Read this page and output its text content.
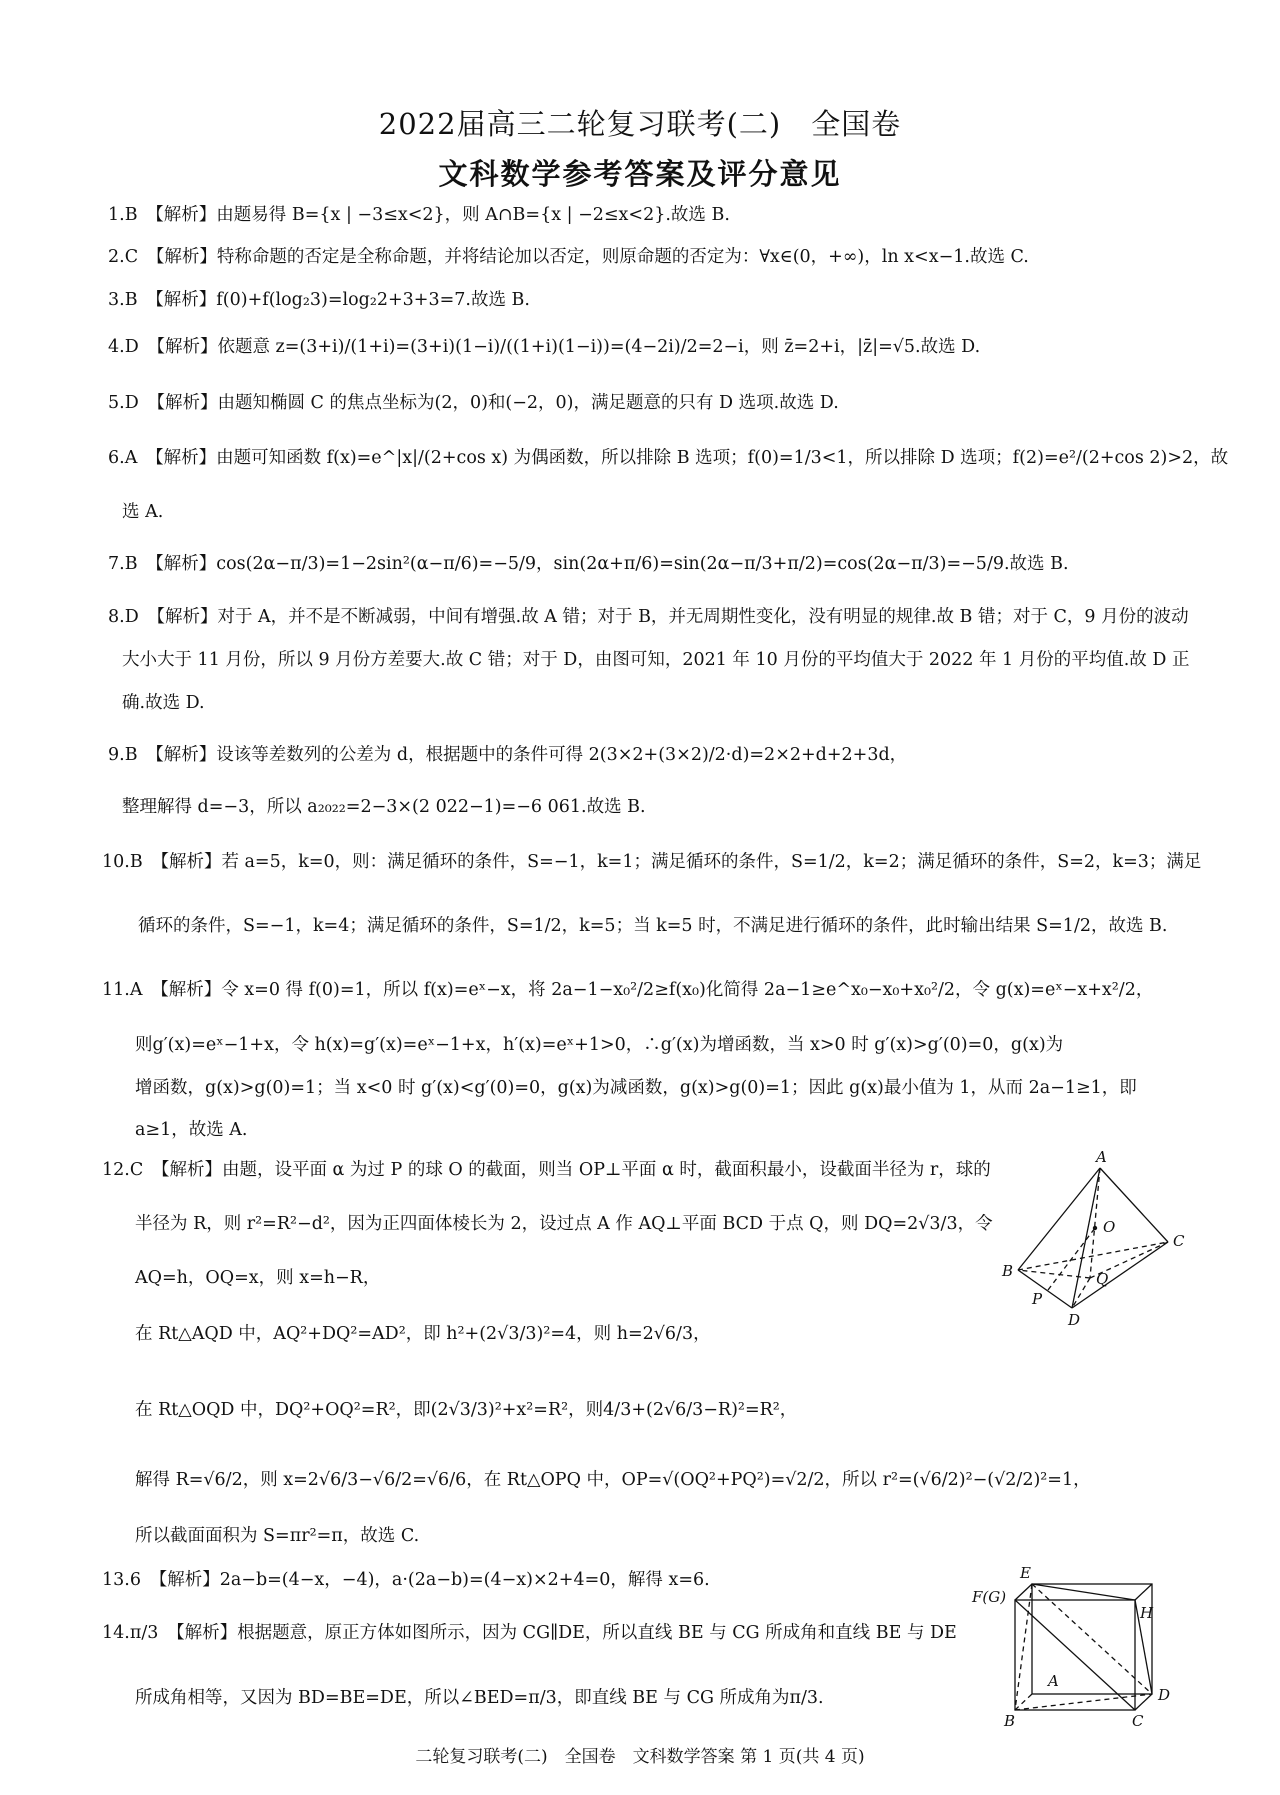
2022届高三二轮复习联考(二)　全国卷
文科数学参考答案及评分意见
1.B　【解析】由题易得 B={x | −3≤x<2}，则 A∩B={x | −2≤x<2}.故选 B.
2.C　【解析】特称命题的否定是全称命题，并将结论加以否定，则原命题的否定为：∀x∈(0，+∞)，ln x<x−1.故选 C.
3.B　【解析】f(0)+f(log₂3)=log₂2+3+3=7.故选 B.
4.D　【解析】依题意 z=(3+i)/(1+i)=(3+i)(1−i)/((1+i)(1−i))=(4−2i)/2=2−i，则 z̄=2+i，|z̄|=√5.故选 D.
5.D　【解析】由题知椭圆 C 的焦点坐标为(2，0)和(−2，0)，满足题意的只有 D 选项.故选 D.
6.A　【解析】由题可知函数 f(x)=e^|x|/(2+cos x) 为偶函数，所以排除 B 选项；f(0)=1/3<1，所以排除 D 选项；f(2)=e²/(2+cos 2)>2，故
选 A.
7.B　【解析】cos(2α−π/3)=1−2sin²(α−π/6)=−5/9，sin(2α+π/6)=sin(2α−π/3+π/2)=cos(2α−π/3)=−5/9.故选 B.
8.D　【解析】对于 A，并不是不断减弱，中间有增强.故 A 错；对于 B，并无周期性变化，没有明显的规律.故 B 错；对于 C，9 月份的波动
大小大于 11 月份，所以 9 月份方差要大.故 C 错；对于 D，由图可知，2021 年 10 月份的平均值大于 2022 年 1 月份的平均值.故 D 正
确.故选 D.
9.B　【解析】设该等差数列的公差为 d，根据题中的条件可得 2(3×2+(3×2)/2·d)=2×2+d+2+3d，
整理解得 d=−3，所以 a₂₀₂₂=2−3×(2 022−1)=−6 061.故选 B.
10.B　【解析】若 a=5，k=0，则：满足循环的条件，S=−1，k=1；满足循环的条件，S=1/2，k=2；满足循环的条件，S=2，k=3；满足
循环的条件，S=−1，k=4；满足循环的条件，S=1/2，k=5；当 k=5 时，不满足进行循环的条件，此时输出结果 S=1/2，故选 B.
11.A　【解析】令 x=0 得 f(0)=1，所以 f(x)=eˣ−x，将 2a−1−x₀²/2≥f(x₀)化简得 2a−1≥e^x₀−x₀+x₀²/2，令 g(x)=eˣ−x+x²/2，
则g′(x)=eˣ−1+x，令 h(x)=g′(x)=eˣ−1+x，h′(x)=eˣ+1>0，∴g′(x)为增函数，当 x>0 时 g′(x)>g′(0)=0，g(x)为
增函数，g(x)>g(0)=1；当 x<0 时 g′(x)<g′(0)=0，g(x)为减函数，g(x)>g(0)=1；因此 g(x)最小值为 1，从而 2a−1≥1，即
a≥1，故选 A.
12.C　【解析】由题，设平面 α 为过 P 的球 O 的截面，则当 OP⊥平面 α 时，截面积最小，设截面半径为 r，球的
半径为 R，则 r²=R²−d²，因为正四面体棱长为 2，设过点 A 作 AQ⊥平面 BCD 于点 Q，则 DQ=2√3/3，令
AQ=h，OQ=x，则 x=h−R，
在 Rt△AQD 中，AQ²+DQ²=AD²，即 h²+(2√3/3)²=4，则 h=2√6/3，
在 Rt△OQD 中，DQ²+OQ²=R²，即(2√3/3)²+x²=R²，则4/3+(2√6/3−R)²=R²，
解得 R=√6/2，则 x=2√6/3−√6/2=√6/6，在 Rt△OPQ 中，OP=√(OQ²+PQ²)=√2/2，所以 r²=(√6/2)²−(√2/2)²=1，
所以截面面积为 S=πr²=π，故选 C.
13.6　【解析】2a−b=(4−x，−4)，a·(2a−b)=(4−x)×2+4=0，解得 x=6.
14.π/3　【解析】根据题意，原正方体如图所示，因为 CG∥DE，所以直线 BE 与 CG 所成角和直线 BE 与 DE
所成角相等，又因为 BD=BE=DE，所以∠BED=π/3，即直线 BE 与 CG 所成角为π/3.
A
O
B
C
Q
P
D
E
F(G)
H
A
D
B	C
二轮复习联考(二)　全国卷　文科数学答案 第 1 页(共 4 页)
